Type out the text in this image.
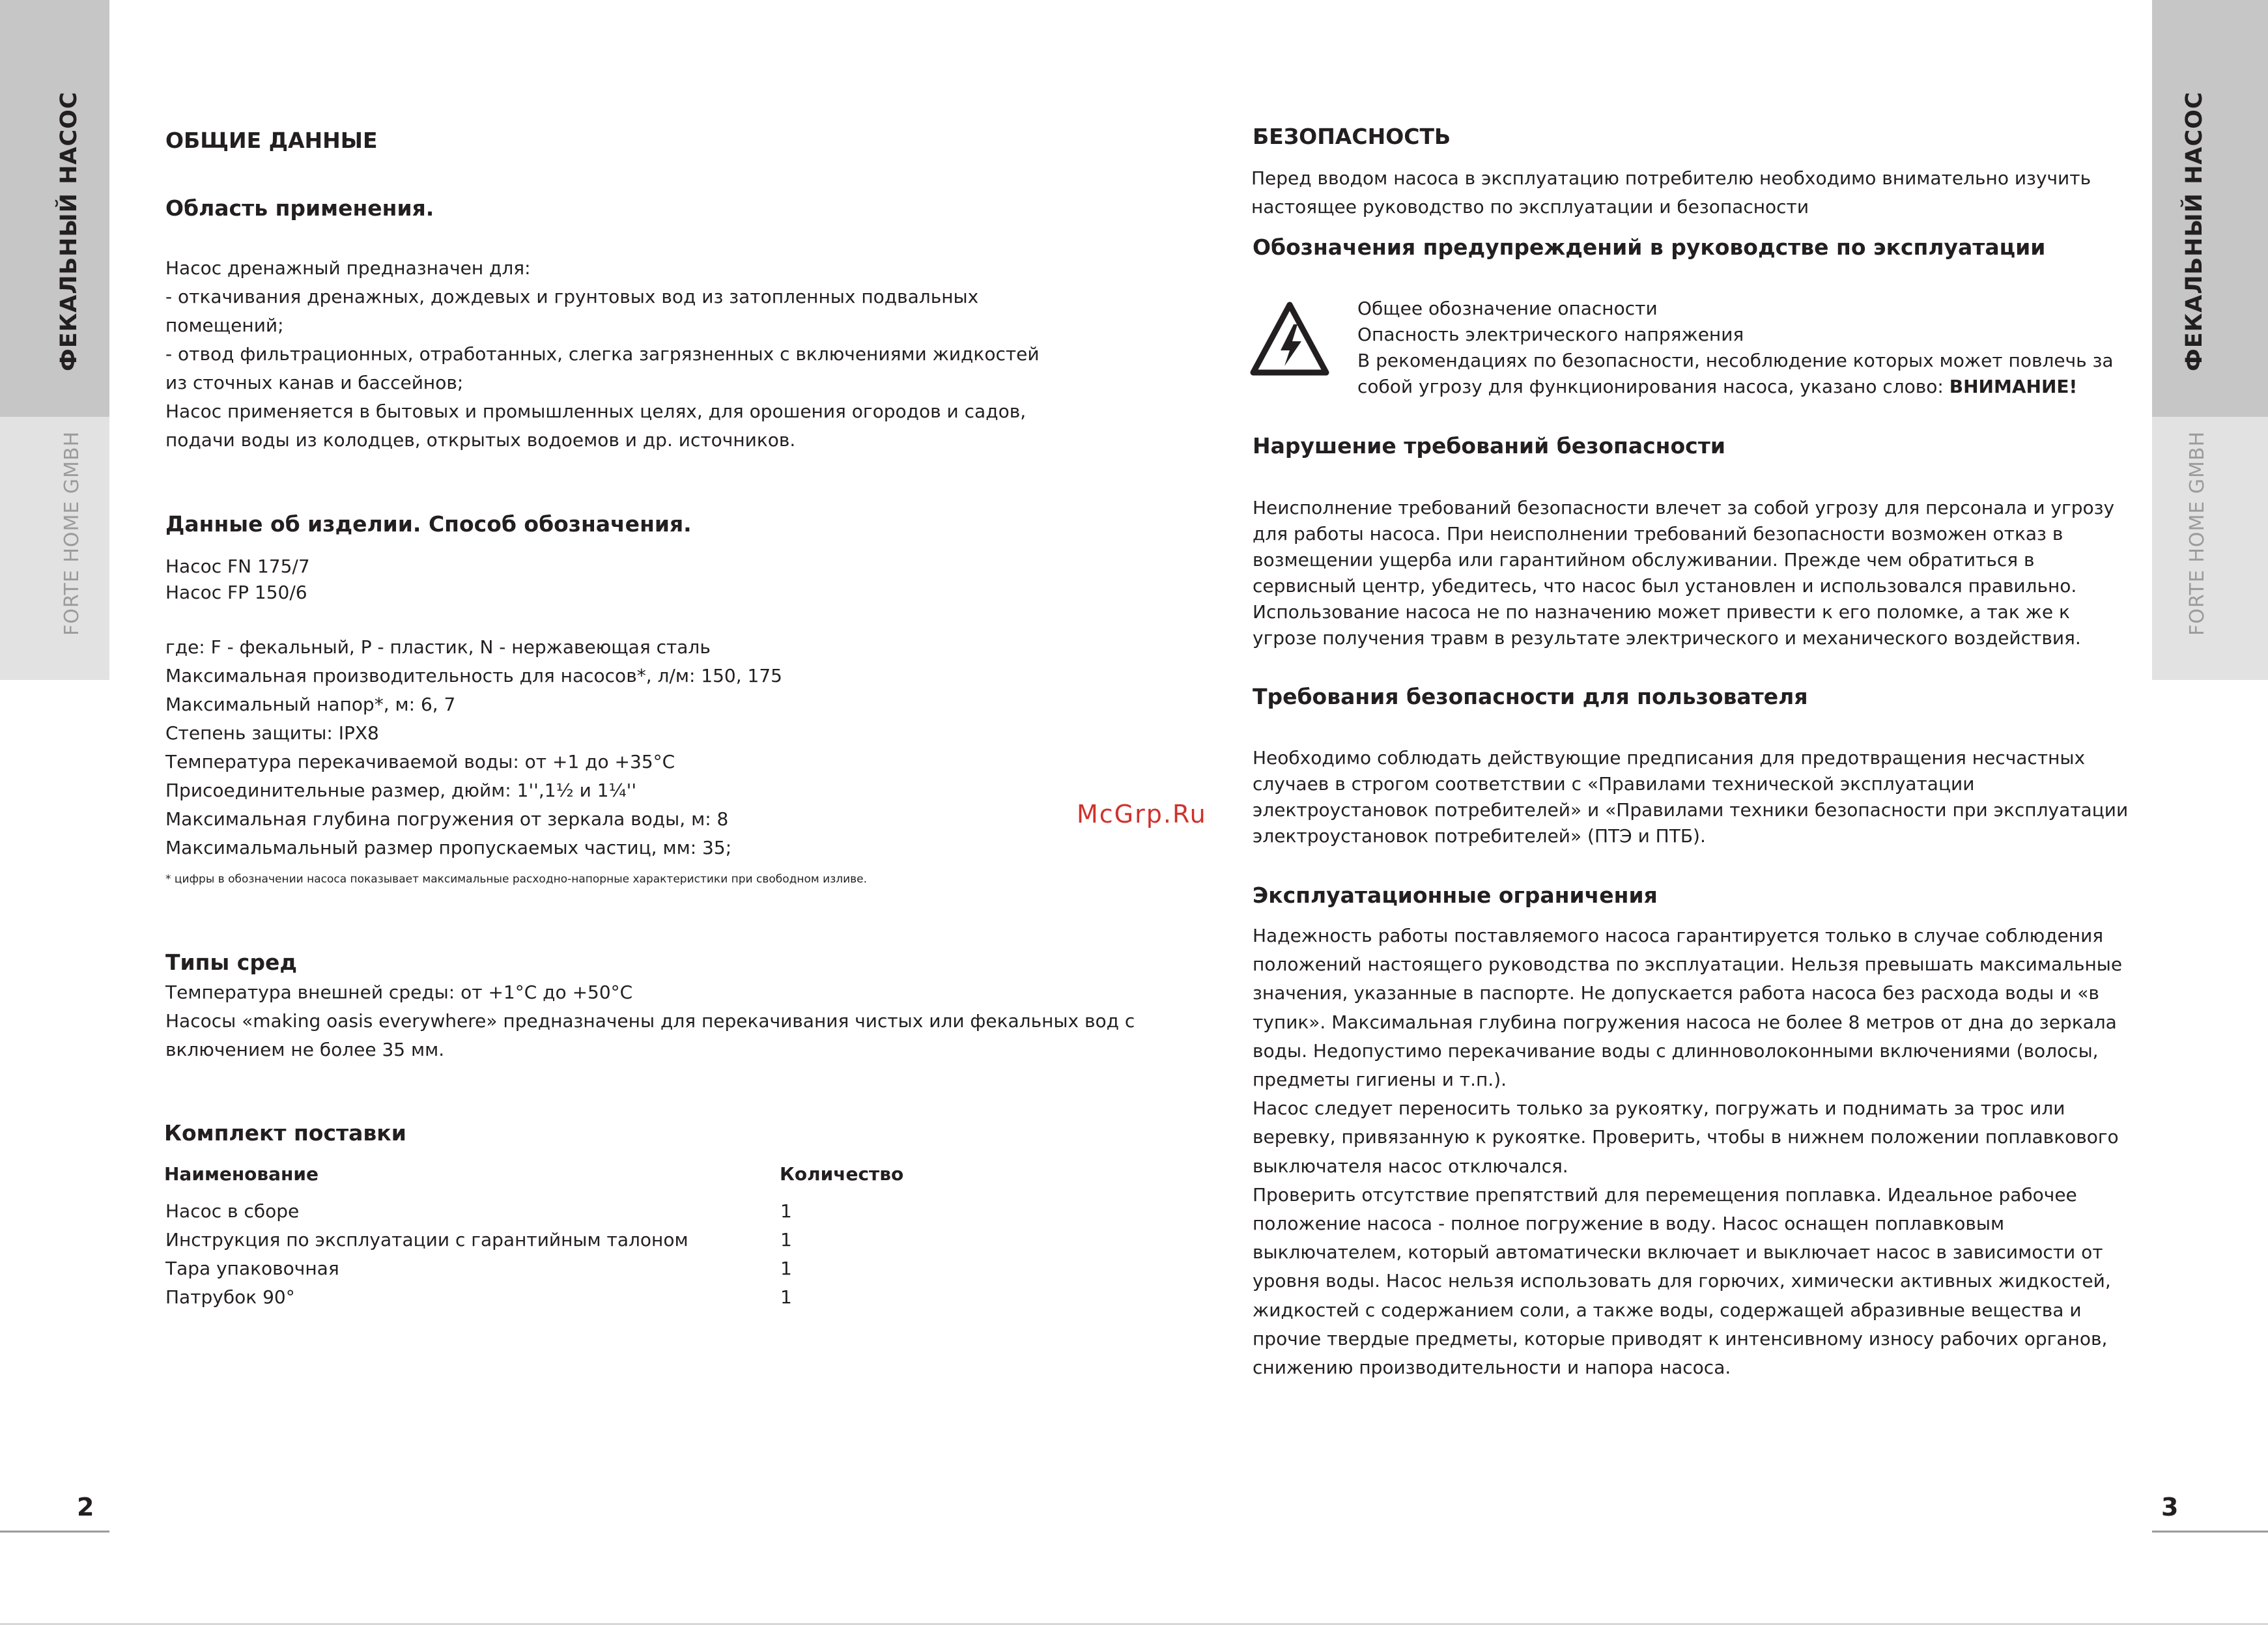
ФЕКАЛЬНЫЙ НАСОС
FORTE HOME GMBH
ФЕКАЛЬНЫЙ НАСОС
FORTE HOME GMBH
2	3
McGrp.Ru
ОБЩИЕ ДАННЫЕ
Область применения.
Насос дренажный предназначен для:
- откачивания дренажных, дождевых и грунтовых вод из затопленных подвальных
помещений;
- отвод фильтрационных, отработанных, слегка загрязненных с включениями жидкостей
из сточных канав и бассейнов;
Насос применяется в бытовых и промышленных целях, для орошения огородов и садов,
подачи воды из колодцев, открытых водоемов и др. источников.
Данные об изделии. Способ обозначения.
Насос FN 175/7
Насос FP 150/6
где: F - фекальный, P - пластик, N - нержавеющая сталь
Максимальная производительность для насосов*, л/м: 150, 175
Максимальный напор*, м: 6, 7
Степень защиты: IPX8
Температура перекачиваемой воды: от +1 до +35°С
Присоединительные размер, дюйм: 1'',1½ и 1¼''
Максимальная глубина погружения от зеркала воды, м: 8
Максимальмальный размер пропускаемых частиц, мм: 35;
* цифры в обозначении насоса показывает максимальные расходно-напорные характеристики при свободном изливе.
Типы сред
Температура внешней среды: от +1°С до +50°С
Насосы «making oasis everywhere» предназначены для перекачивания чистых или фекальных вод с
включением не более 35 мм.
Комплект поставки
Наименование	Количество
Насос в сборе	1
Инструкция по эксплуатации с гарантийным талоном	1
Тара упаковочная	1
Патрубок 90°	1
БЕЗОПАСНОСТЬ
Перед вводом насоса в эксплуатацию потребителю необходимо внимательно изучить
настоящее руководство по эксплуатации и безопасности
Обозначения предупреждений в руководстве по эксплуатации
Общее обозначение опасности
Опасность электрического напряжения
В рекомендациях по безопасности, несоблюдение которых может повлечь за
собой угрозу для функционирования насоса, указано слово: ВНИМАНИЕ!
Нарушение требований безопасности
Неисполнение требований безопасности влечет за собой угрозу для персонала и угрозу
для работы насоса. При неисполнении требований безопасности возможен отказ в
возмещении ущерба или гарантийном обслуживании. Прежде чем обратиться в
сервисный центр, убедитесь, что насос был установлен и использовался правильно.
Использование насоса не по назначению может привести к его поломке, а так же к
угрозе получения травм в результате электрического и механического воздействия.
Требования безопасности для пользователя
Необходимо соблюдать действующие предписания для предотвращения несчастных
случаев в строгом соответствии с «Правилами технической эксплуатации
электроустановок потребителей» и «Правилами техники безопасности при эксплуатации
электроустановок потребителей» (ПТЭ и ПТБ).
Эксплуатационные ограничения
Надежность работы поставляемого насоса гарантируется только в случае соблюдения
положений настоящего руководства по эксплуатации. Нельзя превышать максимальные
значения, указанные в паспорте. Не допускается работа насоса без расхода воды и «в
тупик». Максимальная глубина погружения насоса не более 8 метров от дна до зеркала
воды. Недопустимо перекачивание воды с длинноволоконными включениями (волосы,
предметы гигиены и т.п.).
Насос следует переносить только за рукоятку, погружать и поднимать за трос или
веревку, привязанную к рукоятке. Проверить, чтобы в нижнем положении поплавкового
выключателя насос отключался.
Проверить отсутствие препятствий для перемещения поплавка. Идеальное рабочее
положение насоса - полное погружение в воду. Насос оснащен поплавковым
выключателем, который автоматически включает и выключает насос в зависимости от
уровня воды. Насос нельзя использовать для горючих, химически активных жидкостей,
жидкостей с содержанием соли, а также воды, содержащей абразивные вещества и
прочие твердые предметы, которые приводят к интенсивному износу рабочих органов,
снижению производительности и напора насоса.
